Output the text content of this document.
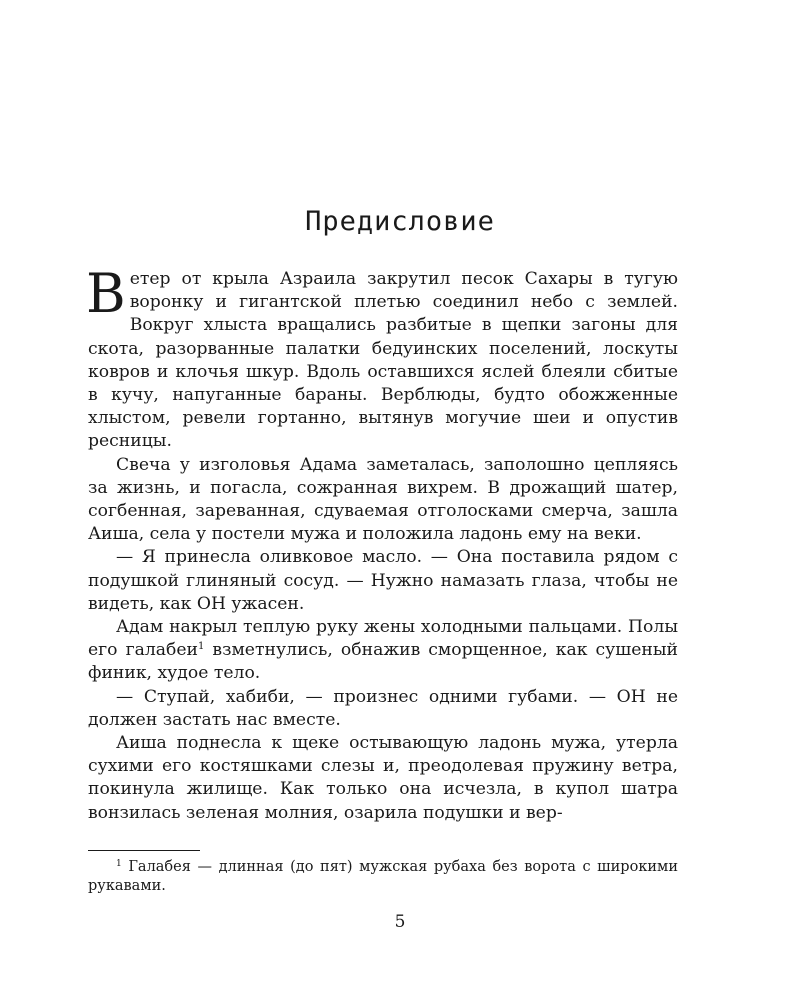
Предисловие

Ветер от крыла Азраила закрутил песок Сахары в тугую воронку и гигантской плетью соединил небо с землей. Вокруг хлыста вращались разбитые в щепки загоны для скота, разорванные палатки бедуинских поселений, лоскуты ковров и клочья шкур. Вдоль оставшихся яслей блеяли сбитые в кучу, напуганные бараны. Верблюды, будто обожженные хлыстом, ревели гортанно, вытянув могучие шеи и опустив ресницы.

Свеча у изголовья Адама заметалась, заполошно цепляясь за жизнь, и погасла, сожранная вихрем. В дрожащий шатер, согбенная, зареванная, сдуваемая отголосками смерча, зашла Аиша, села у постели мужа и положила ладонь ему на веки.

— Я принесла оливковое масло. — Она поставила рядом с подушкой глиняный сосуд. — Нужно намазать глаза, чтобы не видеть, как ОН ужасен.

Адам накрыл теплую руку жены холодными пальцами. Полы его галабеи$^1$ взметнулись, обнажив сморщенное, как сушеный финик, худое тело.

— Ступай, хабиби, — произнес одними губами. — ОН не должен застать нас вместе.

Аиша поднесла к щеке остывающую ладонь мужа, утерла сухими его костяшками слезы и, преодолевая пружину ветра, покинула жилище. Как только она исчезла, в купол шатра вонзилась зеленая молния, озарила подушки и вер-

$^1$ Галабея — длинная (до пят) мужская рубаха без ворота с широкими рукавами.

5
